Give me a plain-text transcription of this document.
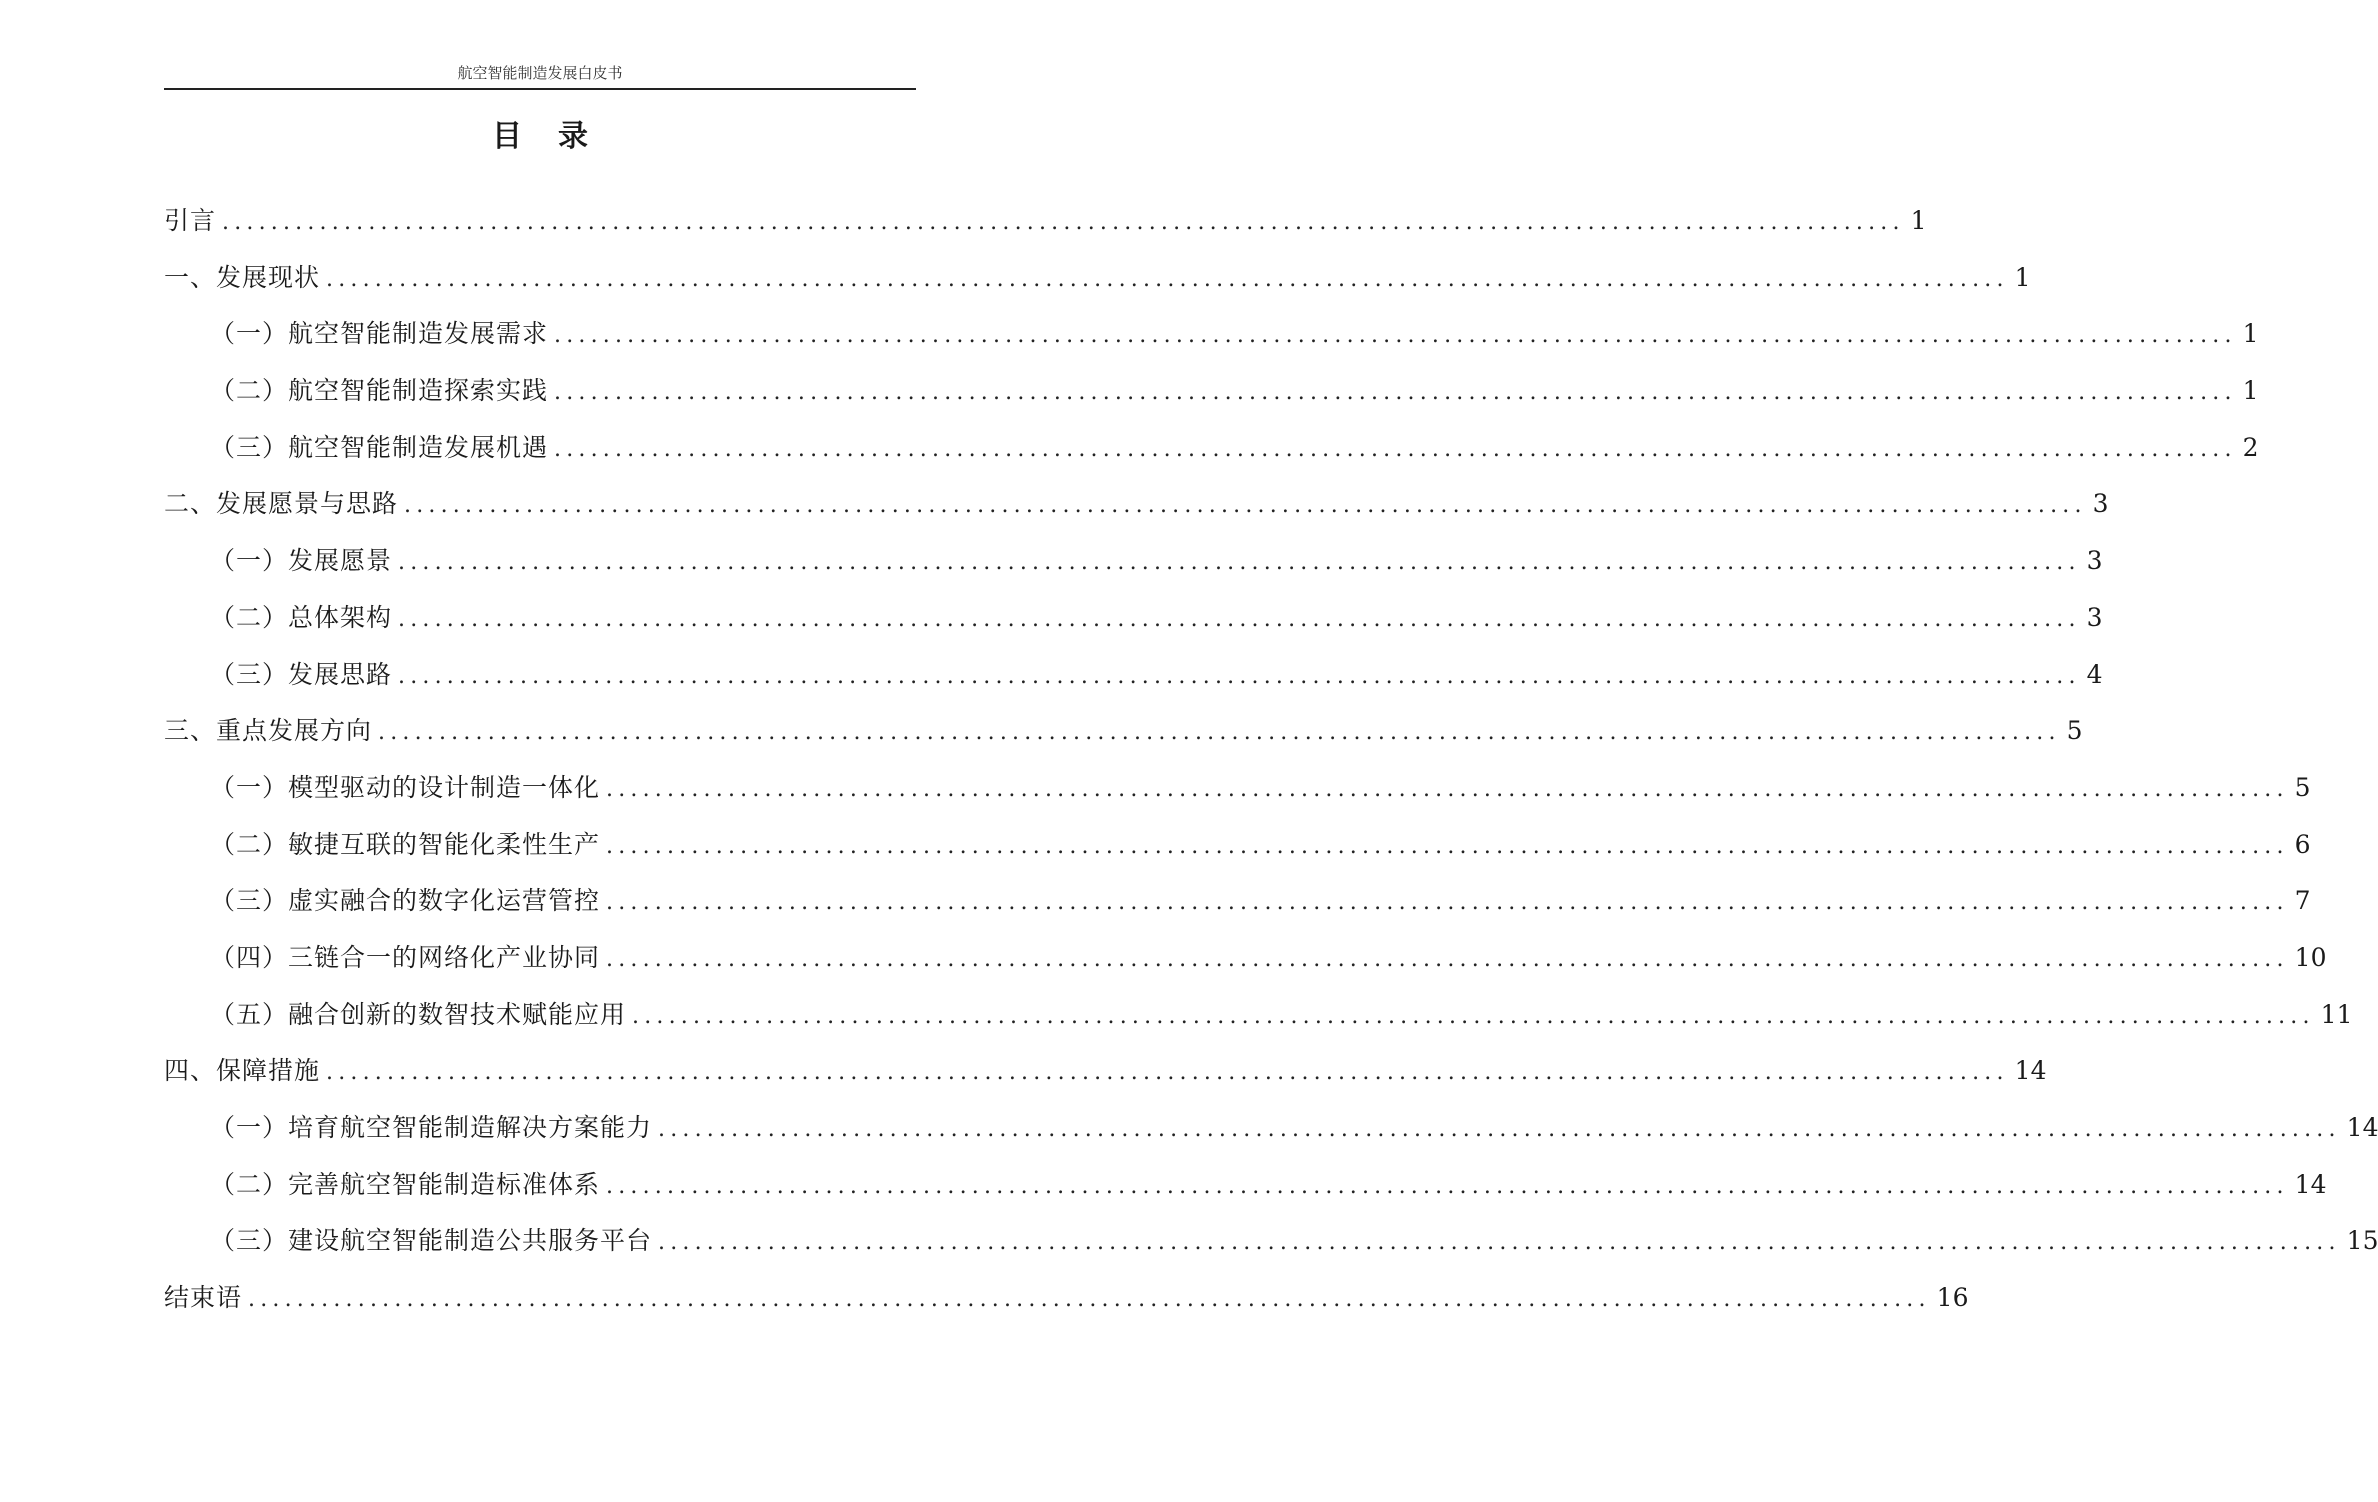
航空智能制造发展白皮书
目录
引言 .......................................................................................................................................... 1
一、发展现状 .......................................................................................................................................... 1
（一）航空智能制造发展需求 .......................................................................................................................................... 1
（二）航空智能制造探索实践 .......................................................................................................................................... 1
（三）航空智能制造发展机遇 .......................................................................................................................................... 2
二、发展愿景与思路 .......................................................................................................................................... 3
（一）发展愿景 .......................................................................................................................................... 3
（二）总体架构 .......................................................................................................................................... 3
（三）发展思路 .......................................................................................................................................... 4
三、重点发展方向 .......................................................................................................................................... 5
（一）模型驱动的设计制造一体化 .......................................................................................................................................... 5
（二）敏捷互联的智能化柔性生产 .......................................................................................................................................... 6
（三）虚实融合的数字化运营管控 .......................................................................................................................................... 7
（四）三链合一的网络化产业协同 .......................................................................................................................................... 10
（五）融合创新的数智技术赋能应用 .......................................................................................................................................... 11
四、保障措施 .......................................................................................................................................... 14
（一）培育航空智能制造解决方案能力 .......................................................................................................................................... 14
（二）完善航空智能制造标准体系 .......................................................................................................................................... 14
（三）建设航空智能制造公共服务平台 .......................................................................................................................................... 15
结束语 .......................................................................................................................................... 16
